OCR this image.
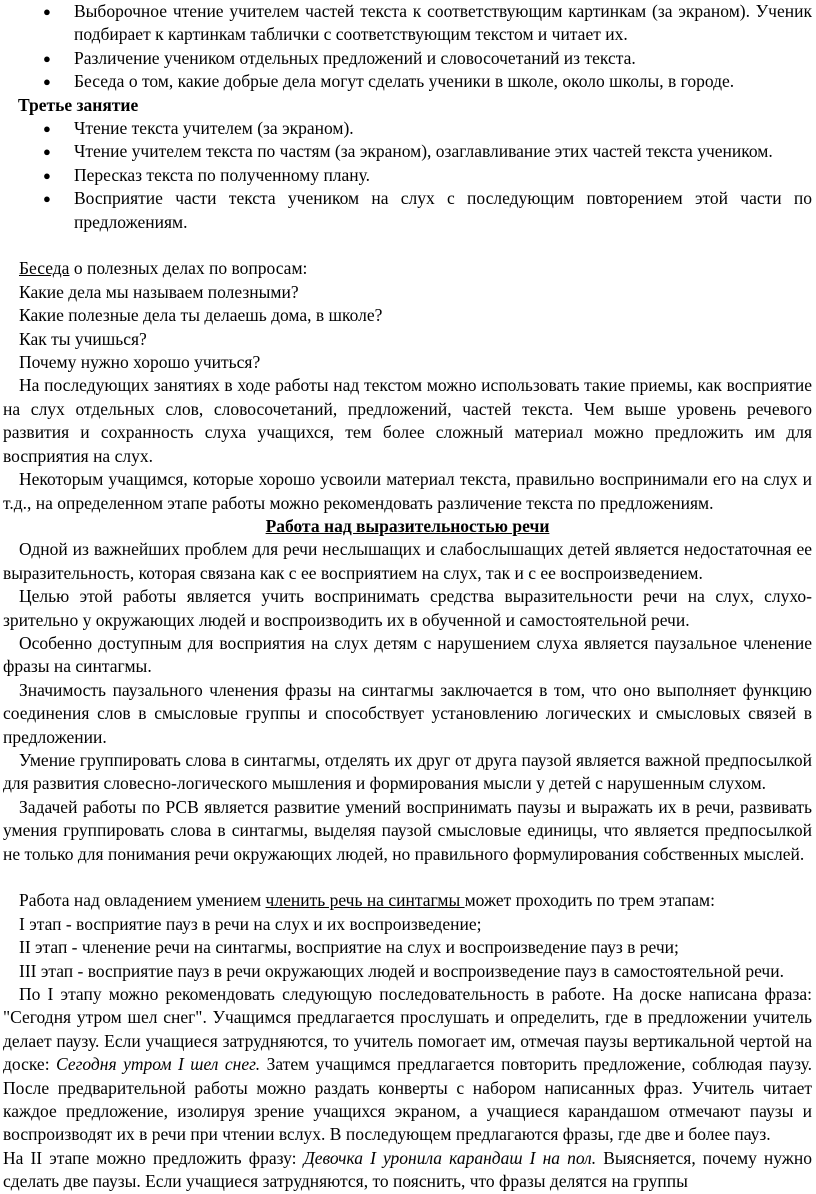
●	Выборочное чтение учителем частей текста к соответствующим картинкам (за экраном). Ученик подбирает к картинкам таблички с соответствующим текстом и читает их.
●	Различение учеником отдельных предложений и словосочетаний из текста.
●	Беседа о том, какие добрые дела могут сделать ученики в школе, около школы, в городе.
Третье занятие
●	Чтение текста учителем (за экраном).
●	Чтение учителем текста по частям (за экраном), озаглавливание этих частей текста учеником.
●	Пересказ текста по полученному плану.
●	Восприятие части текста учеником на слух с последующим повторением этой части по предложениям.
Беседа о полезных делах по вопросам:
Какие дела мы называем полезными?
Какие полезные дела ты делаешь дома, в школе?
Как ты учишься?
Почему нужно хорошо учиться?

На последующих занятиях в ходе работы над текстом можно использовать такие приемы, как восприятие на слух отдельных слов, словосочетаний, предложений, частей текста. Чем выше уровень речевого развития и сохранность слуха учащихся, тем более сложный материал можно предложить им для восприятия на слух.

Некоторым учащимся, которые хорошо усвоили материал текста, правильно воспринимали его на слух и т.д., на определенном этапе работы можно рекомендовать различение текста по предложениям.

Работа над выразительностью речи

Одной из важнейших проблем для речи неслышащих и слабослышащих детей является недостаточная ее выразительность, которая связана как с ее восприятием на слух, так и с ее воспроизведением.

Целью этой работы является учить воспринимать средства выразительности речи на слух, слухо-зрительно у окружающих людей и воспроизводить их в обученной и самостоятельной речи.

Особенно доступным для восприятия на слух детям с нарушением слуха является паузальное членение фразы на синтагмы.

Значимость паузального членения фразы на синтагмы заключается в том, что оно выполняет функцию соединения слов в смысловые группы и способствует установлению логических и смысловых связей в предложении.

Умение группировать слова в синтагмы, отделять их друг от друга паузой является важной предпосылкой для развития словесно-логического мышления и формирования мысли у детей с нарушенным слухом.

Задачей работы по РСВ является развитие умений воспринимать паузы и выражать их в речи, развивать умения группировать слова в синтагмы, выделяя паузой смысловые единицы, что является предпосылкой не только для понимания речи окружающих людей, но правильного формулирования собственных мыслей.

Работа над овладением умением членить речь на синтагмы может проходить по трем этапам:
I этап - восприятие пауз в речи на слух и их воспроизведение;
II этап - членение речи на синтагмы, восприятие на слух и воспроизведение пауз в речи;
III этап - восприятие пауз в речи окружающих людей и воспроизведение пауз в самостоятельной речи.

По I этапу можно рекомендовать следующую последовательность в работе. На доске написана фраза: "Сегодня утром шел снег". Учащимся предлагается прослушать и определить, где в предложении учитель делает паузу. Если учащиеся затрудняются, то учитель помогает им, отмечая паузы вертикальной чертой на доске: Сегодня утром I шел снег. Затем учащимся предлагается повторить предложение, соблюдая паузу. После предварительной работы можно раздать конверты с набором написанных фраз. Учитель читает каждое предложение, изолируя зрение учащихся экраном, а учащиеся карандашом отмечают паузы и воспроизводят их в речи при чтении вслух. В последующем предлагаются фразы, где две и более пауз.

На II этапе можно предложить фразу: Девочка I уронила карандаш I на пол. Выясняется, почему нужно сделать две паузы. Если учащиеся затрудняются, то пояснить, что фразы делятся на группы
